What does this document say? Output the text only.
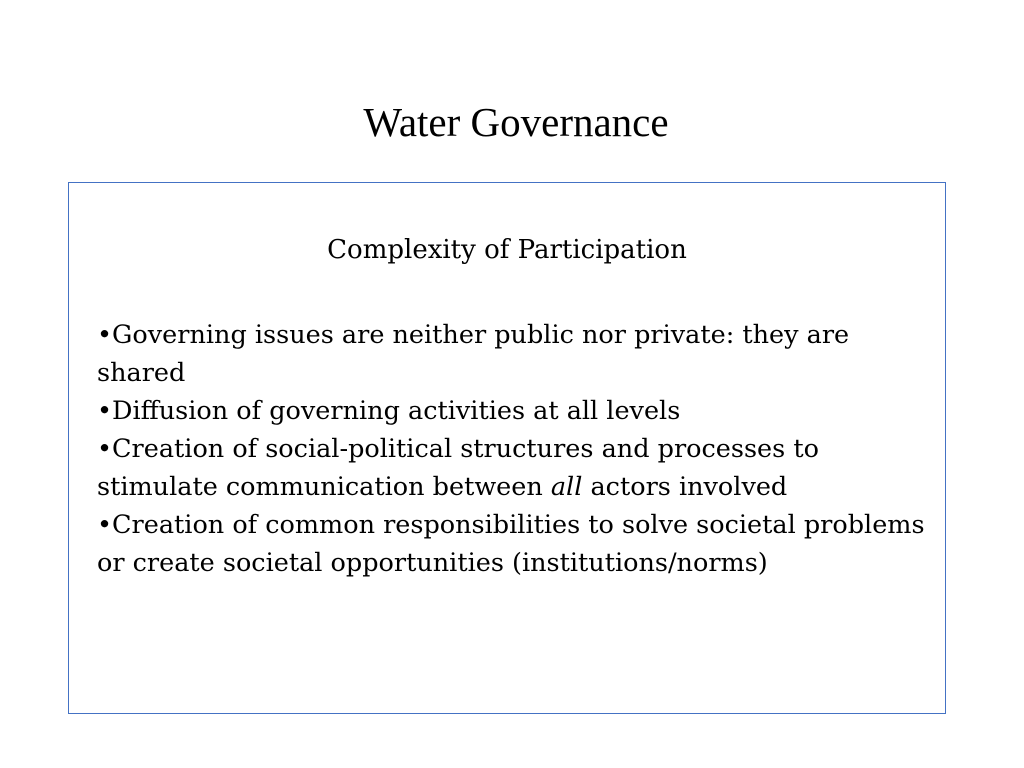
Water Governance
Complexity of Participation
•Governing issues are neither public nor private: they are shared
•Diffusion of governing activities at all levels
•Creation of social-political structures and processes to stimulate communication between all actors involved
•Creation of common responsibilities to solve societal problems or create societal opportunities (institutions/norms)
